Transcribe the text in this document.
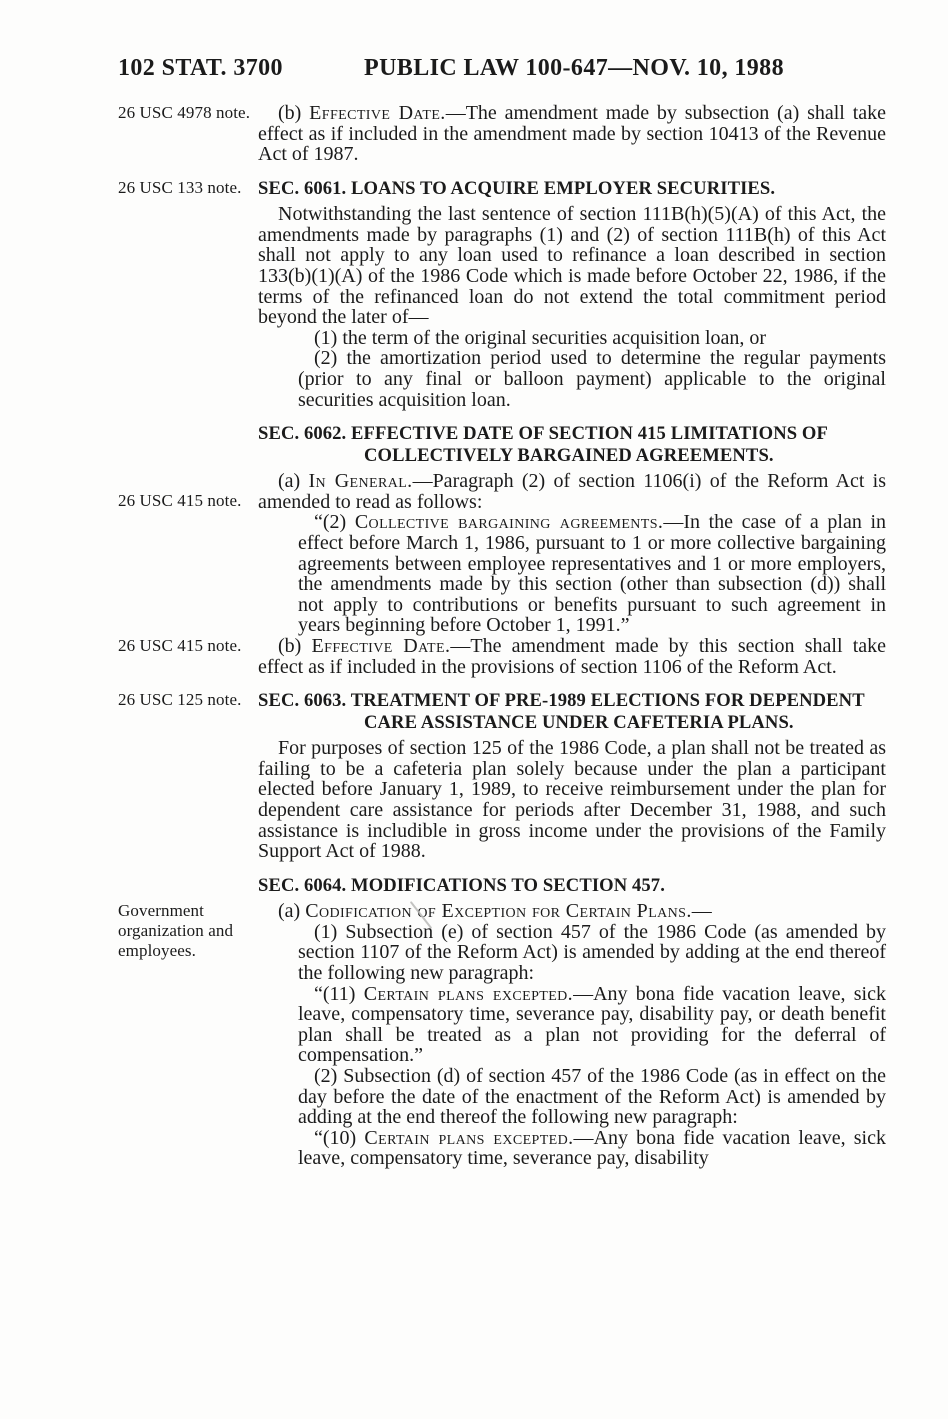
102 STAT. 3700	PUBLIC LAW 100-647—NOV. 10, 1988
26 USC 4978 note.	(b) Effective Date.—The amendment made by subsection (a) shall take effect as if included in the amendment made by section 10413 of the Revenue Act of 1987.

26 USC 133 note. SEC. 6061. LOANS TO ACQUIRE EMPLOYER SECURITIES.

Notwithstanding the last sentence of section 111B(h)(5)(A) of this Act, the amendments made by paragraphs (1) and (2) of section 111B(h) of this Act shall not apply to any loan used to refinance a loan described in section 133(b)(1)(A) of the 1986 Code which is made before October 22, 1986, if the terms of the refinanced loan do not extend the total commitment period beyond the later of—

(1) the term of the original securities acquisition loan, or

(2) the amortization period used to determine the regular payments (prior to any final or balloon payment) applicable to the original securities acquisition loan.

SEC. 6062. EFFECTIVE DATE OF SECTION 415 LIMITATIONS OF COLLECTIVELY BARGAINED AGREEMENTS.
26 USC 415 note.

(a) In General.—Paragraph (2) of section 1106(i) of the Reform Act is amended to read as follows:

“(2) Collective bargaining agreements.—In the case of a plan in effect before March 1, 1986, pursuant to 1 or more collective bargaining agreements between employee representatives and 1 or more employers, the amendments made by this section (other than subsection (d)) shall not apply to contributions or benefits pursuant to such agreement in years beginning before October 1, 1991.”

26 USC 415 note.	(b) Effective Date.—The amendment made by this section shall take effect as if included in the provisions of section 1106 of the Reform Act.

26 USC 125 note. SEC. 6063. TREATMENT OF PRE-1989 ELECTIONS FOR DEPENDENT CARE ASSISTANCE UNDER CAFETERIA PLANS.

For purposes of section 125 of the 1986 Code, a plan shall not be treated as failing to be a cafeteria plan solely because under the plan a participant elected before January 1, 1989, to receive reimbursement under the plan for dependent care assistance for periods after December 31, 1988, and such assistance is includible in gross income under the provisions of the Family Support Act of 1988.

SEC. 6064. MODIFICATIONS TO SECTION 457.
Government organization and employees.

(a) Codification of Exception for Certain Plans.—

(1) Subsection (e) of section 457 of the 1986 Code (as amended by section 1107 of the Reform Act) is amended by adding at the end thereof the following new paragraph:

“(11) Certain plans excepted.—Any bona fide vacation leave, sick leave, compensatory time, severance pay, disability pay, or death benefit plan shall be treated as a plan not providing for the deferral of compensation.”

(2) Subsection (d) of section 457 of the 1986 Code (as in effect on the day before the date of the enactment of the Reform Act) is amended by adding at the end thereof the following new paragraph:

“(10) Certain plans excepted.—Any bona fide vacation leave, sick leave, compensatory time, severance pay, disability
